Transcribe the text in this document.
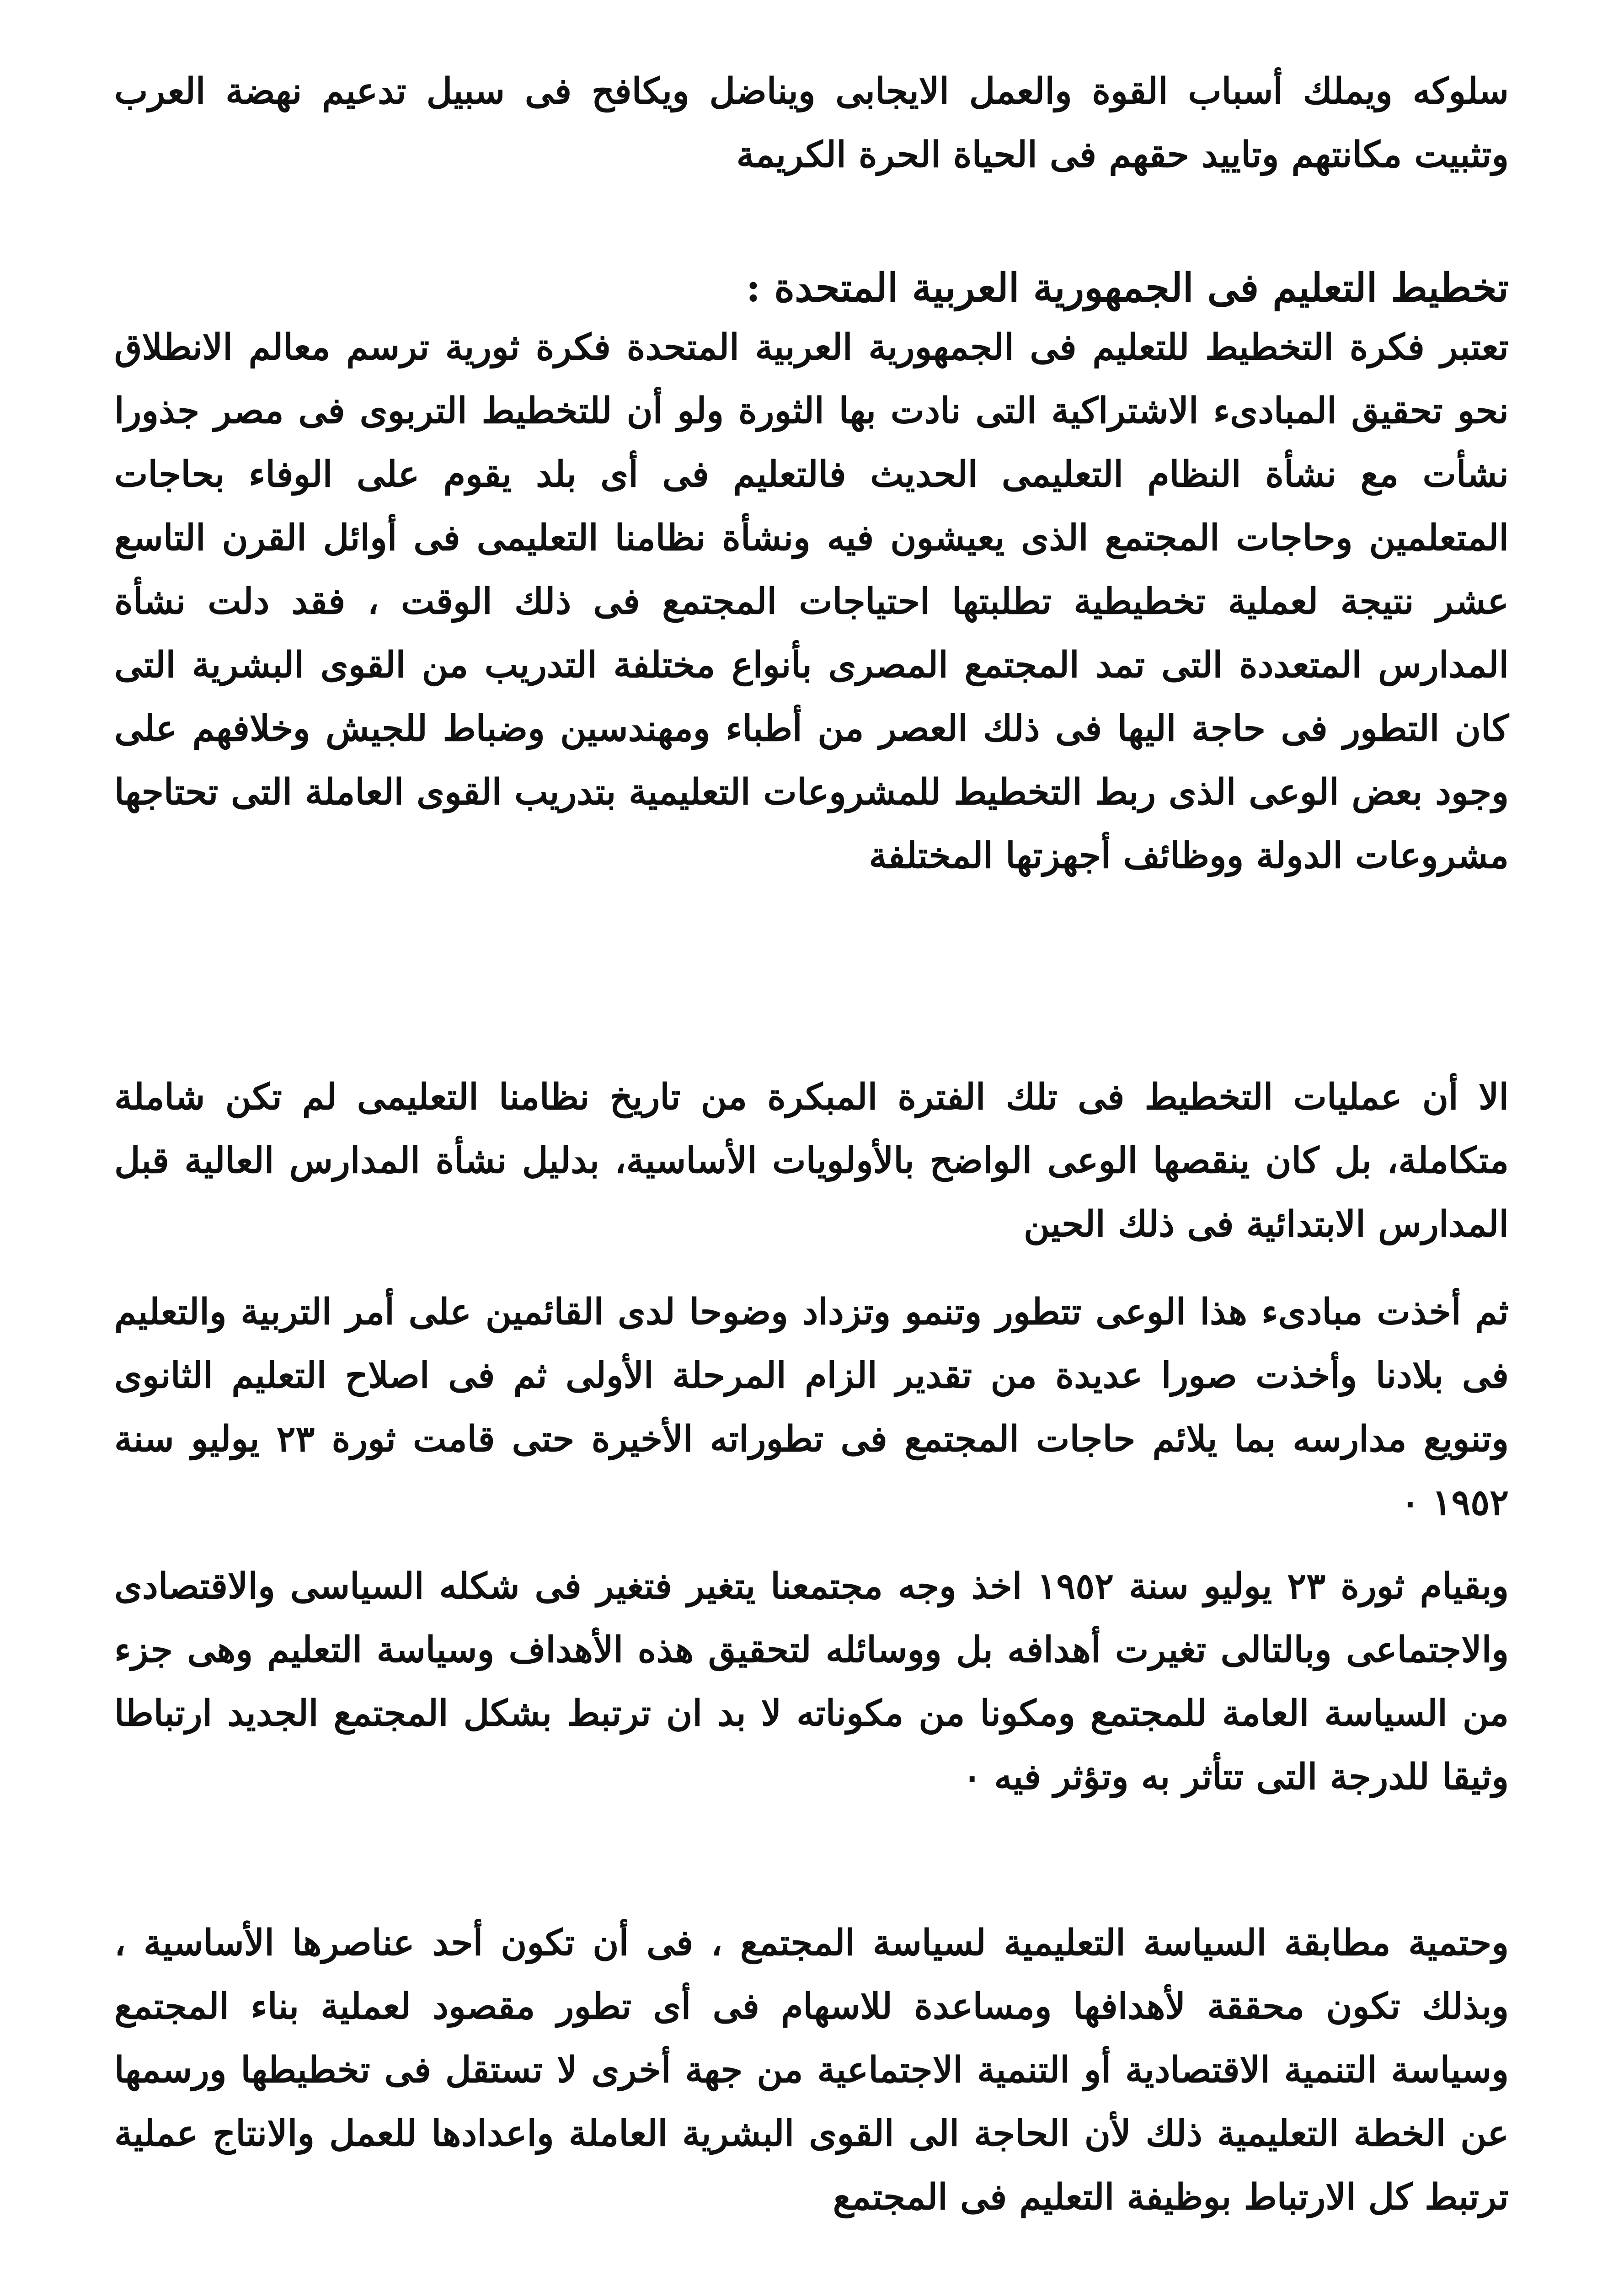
سلوكه ويملك أسباب القوة والعمل الايجابى ويناضل ويكافح فى سبيل تدعيم نهضة العرب وتثبيت مكانتهم وتاييد حقهم فى الحياة الحرة الكريمة
تخطيط التعليم فى الجمهورية العربية المتحدة :
تعتبر فكرة التخطيط للتعليم فى الجمهورية العربية المتحدة فكرة ثورية ترسم معالم الانطلاق نحو تحقيق المبادىء الاشتراكية التى نادت بها الثورة ولو أن للتخطيط التربوى فى مصر جذورا نشأت مع نشأة النظام التعليمى الحديث فالتعليم فى أى بلد يقوم على الوفاء بحاجات المتعلمين وحاجات المجتمع الذى يعيشون فيه ونشأة نظامنا التعليمى فى أوائل القرن التاسع عشر نتيجة لعملية تخطيطية تطلبتها احتياجات المجتمع فى ذلك الوقت ، فقد دلت نشأة المدارس المتعددة التى تمد المجتمع المصرى بأنواع مختلفة التدريب من القوى البشرية التى كان التطور فى حاجة اليها فى ذلك العصر من أطباء ومهندسين وضباط للجيش وخلافهم على وجود بعض الوعى الذى ربط التخطيط للمشروعات التعليمية بتدريب القوى العاملة التى تحتاجها مشروعات الدولة ووظائف أجهزتها المختلفة
الا أن عمليات التخطيط فى تلك الفترة المبكرة من تاريخ نظامنا التعليمى لم تكن شاملة متكاملة، بل كان ينقصها الوعى الواضح بالأولويات الأساسية، بدليل نشأة المدارس العالية قبل المدارس الابتدائية فى ذلك الحين
ثم أخذت مبادىء هذا الوعى تتطور وتنمو وتزداد وضوحا لدى القائمين على أمر التربية والتعليم فى بلادنا وأخذت صورا عديدة من تقدير الزام المرحلة الأولى ثم فى اصلاح التعليم الثانوى وتنويع مدارسه بما يلائم حاجات المجتمع فى تطوراته الأخيرة حتى قامت ثورة ٢٣ يوليو سنة ١٩٥٢ ٠
وبقيام ثورة ٢٣ يوليو سنة ١٩٥٢ اخذ وجه مجتمعنا يتغير فتغير فى شكله السياسى والاقتصادى والاجتماعى وبالتالى تغيرت أهدافه بل ووسائله لتحقيق هذه الأهداف وسياسة التعليم وهى جزء من السياسة العامة للمجتمع ومكونا من مكوناته لا بد ان ترتبط بشكل المجتمع الجديد ارتباطا وثيقا للدرجة التى تتأثر به وتؤثر فيه ٠
وحتمية مطابقة السياسة التعليمية لسياسة المجتمع ، فى أن تكون أحد عناصرها الأساسية ، وبذلك تكون محققة لأهدافها ومساعدة للاسهام فى أى تطور مقصود لعملية بناء المجتمع وسياسة التنمية الاقتصادية أو التنمية الاجتماعية من جهة أخرى لا تستقل فى تخطيطها ورسمها عن الخطة التعليمية ذلك لأن الحاجة الى القوى البشرية العاملة واعدادها للعمل والانتاج عملية ترتبط كل الارتباط بوظيفة التعليم فى المجتمع
